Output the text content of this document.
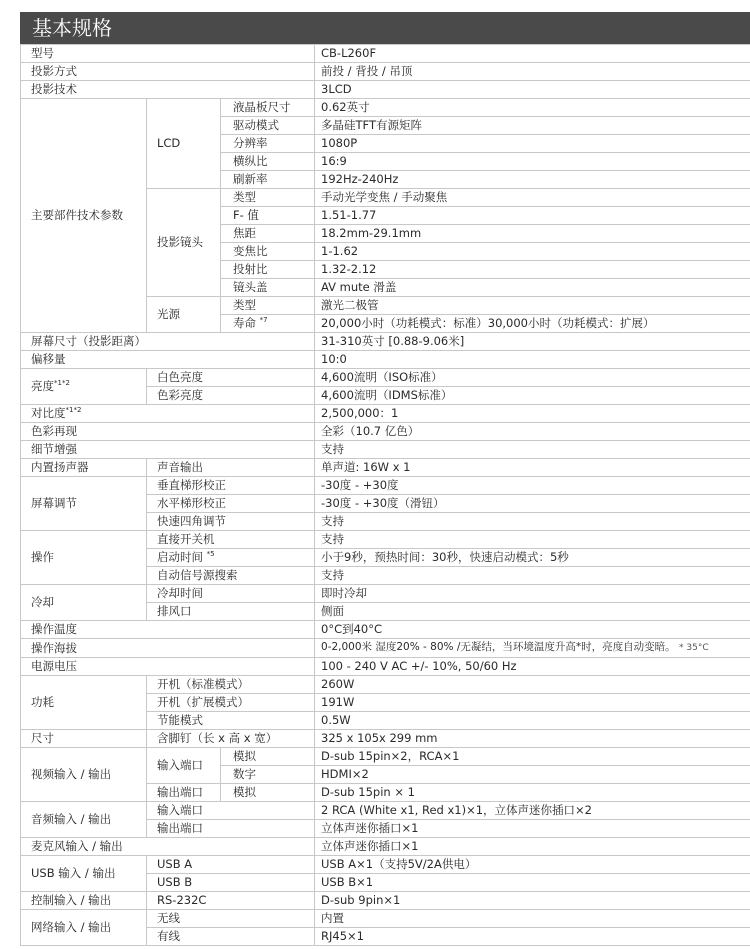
基本规格
型号			CB-L260F
投影方式			前投 / 背投 / 吊顶
投影技术			3LCD
主要部件技术参数	LCD	液晶板尺寸	0.62英寸
		驱动模式	多晶硅TFT有源矩阵
		分辨率	1080P
		横纵比	16:9
		刷新率	192Hz-240Hz
	投影镜头	类型	手动光学变焦 / 手动聚焦
		F- 值	1.51-1.77
		焦距	18.2mm-29.1mm
		变焦比	1-1.62
		投射比	1.32-2.12
		镜头盖	AV mute 滑盖
	光源	类型	激光二极管
		寿命 $^{*7}$	20,000小时（功耗模式：标准）30,000小时（功耗模式：扩展）
屏幕尺寸（投影距离）			31-310英寸 [0.88-9.06米]
偏移量			10:0
亮度$^{*1*2}$	白色亮度		4,600流明（ISO标准）
	色彩亮度		4,600流明（IDMS标准）
对比度$^{*1*2}$			2,500,000：1
色彩再现			全彩（10.7 亿色）
细节增强			支持
内置扬声器	声音输出		单声道: 16W x 1
屏幕调节	垂直梯形校正		-30度 - +30度
	水平梯形校正		-30度 - +30度（滑钮）
	快速四角调节		支持
操作	直接开关机		支持
	启动时间 $^{*5}$		小于9秒，预热时间：30秒，快速启动模式：5秒
	自动信号源搜索		支持
冷却	冷却时间		即时冷却
	排风口		侧面
操作温度			0°C到40°C
操作海拔			0-2,000米 湿度20% - 80% /无凝结，当环境温度升高*时，亮度自动变暗。 * 35°C
电源电压			100 - 240 V AC +/- 10%, 50/60 Hz
功耗	开机（标准模式）		260W
	开机（扩展模式）		191W
	节能模式		0.5W
尺寸	含脚钉（长 x 高 x 宽）		325 x 105x 299 mm
视频输入 / 输出	输入端口	模拟	D-sub 15pin×2，RCA×1
		数字	HDMI×2
	输出端口	模拟	D-sub 15pin × 1
音频输入 / 输出	输入端口		2 RCA (White x1, Red x1)×1，立体声迷你插口×2
	输出端口		立体声迷你插口×1
麦克风输入 / 输出			立体声迷你插口×1
USB 输入 / 输出	USB A		USB A×1（支持5V/2A供电）
	USB B		USB B×1
控制输入 / 输出	RS-232C		D-sub 9pin×1
网络输入 / 输出	无线		内置
	有线		RJ45×1
